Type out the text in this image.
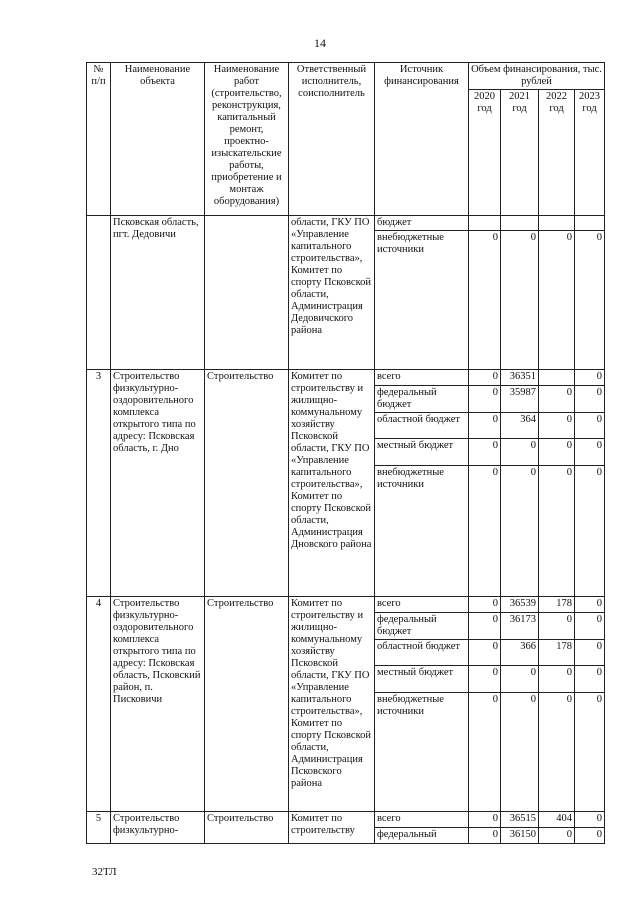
14
№ п/п	Наименование объекта	Наименование работ (строительство, реконструкция, капитальный ремонт, проектно-изыскательские работы, приобретение и монтаж оборудования)	Ответственный исполнитель, соисполнитель	Источник финансирования	Объем финансирования, тыс. рублей			
					2020 год	2021 год	2022 год	2023 год
	Псковская область, пгт. Дедовичи		области, ГКУ ПО «Управление капитального строительства», Комитет по спорту Псковской области, Администрация Дедовичского района	бюджет				
				внебюджетные источники	0	0	0	0
3	Строительство физкультурно-оздоровительного комплекса открытого типа по адресу: Псковская область, г. Дно	Строительство	Комитет по строительству и жилищно-коммунальному хозяйству Псковской области, ГКУ ПО «Управление капитального строительства», Комитет по спорту Псковской области, Администрация Дновского района	всего	0	36351		0
				федеральный бюджет	0	35987	0	0
				областной бюджет	0	364	0	0
				местный бюджет	0	0	0	0
				внебюджетные источники	0	0	0	0
4	Строительство физкультурно-оздоровительного комплекса открытого типа по адресу: Псковская область, Псковский район, п. Писковичи	Строительство	Комитет по строительству и жилищно-коммунальному хозяйству Псковской области, ГКУ ПО «Управление капитального строительства», Комитет по спорту Псковской области, Администрация Псковского района	всего	0	36539	178	0
				федеральный бюджет	0	36173	0	0
				областной бюджет	0	366	178	0
				местный бюджет	0	0	0	0
				внебюджетные источники	0	0	0	0
5	Строительство физкультурно-	Строительство	Комитет по строительству	всего	0	36515	404	0
				федеральный	0	36150	0	0
32ТЛ
